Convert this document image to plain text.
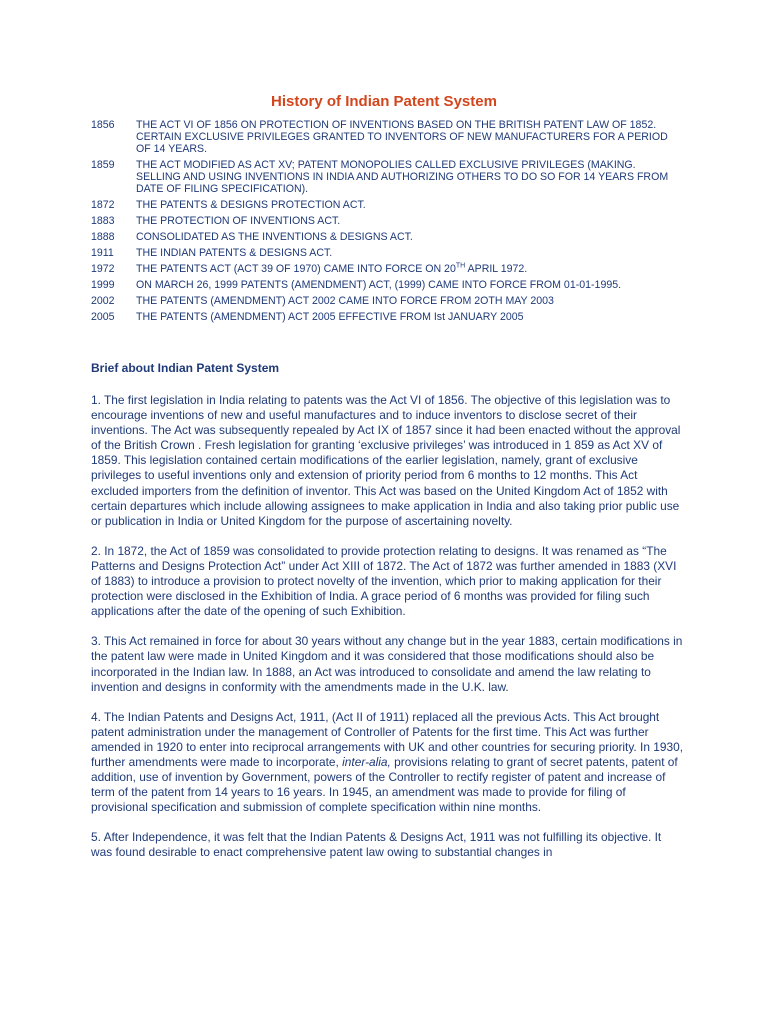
History of Indian Patent System
1856	THE ACT VI OF 1856 ON PROTECTION OF INVENTIONS BASED ON THE BRITISH PATENT LAW OF 1852. CERTAIN EXCLUSIVE PRIVILEGES GRANTED TO INVENTORS OF NEW MANUFACTURERS FOR A PERIOD OF 14 YEARS.
1859	THE ACT MODIFIED AS ACT XV; PATENT MONOPOLIES CALLED EXCLUSIVE PRIVILEGES (MAKING. SELLING AND USING INVENTIONS IN INDIA AND AUTHORIZING OTHERS TO DO SO FOR 14 YEARS FROM DATE OF FILING SPECIFICATION).
1872	THE PATENTS & DESIGNS PROTECTION ACT.
1883	THE PROTECTION OF INVENTIONS ACT.
1888	CONSOLIDATED AS THE INVENTIONS & DESIGNS ACT.
1911	THE INDIAN PATENTS & DESIGNS ACT.
1972	THE PATENTS ACT (ACT 39 OF 1970) CAME INTO FORCE ON 20TH APRIL 1972.
1999	ON MARCH 26, 1999 PATENTS (AMENDMENT) ACT, (1999) CAME INTO FORCE FROM 01-01-1995.
2002	THE PATENTS (AMENDMENT) ACT 2002 CAME INTO FORCE FROM 2OTH MAY 2003
2005	THE PATENTS (AMENDMENT) ACT 2005 EFFECTIVE FROM Ist JANUARY 2005
Brief about Indian Patent System

1. The first legislation in India relating to patents was the Act VI of 1856. The objective of this legislation was to encourage inventions of new and useful manufactures and to induce inventors to disclose secret of their inventions. The Act was subsequently repealed by Act IX of 1857 since it had been enacted without the approval of the British Crown . Fresh legislation for granting ‘exclusive privileges’ was introduced in 1 859 as Act XV of 1859. This legislation contained certain modifications of the earlier legislation, namely, grant of exclusive privileges to useful inventions only and extension of priority period from 6 months to 12 months. This Act excluded importers from the definition of inventor. This Act was based on the United Kingdom Act of 1852 with certain departures which include allowing assignees to make application in India and also taking prior public use or publication in India or United Kingdom for the purpose of ascertaining novelty.

2. In 1872, the Act of 1859 was consolidated to provide protection relating to designs. It was renamed as “The Patterns and Designs Protection Act” under Act XIII of 1872. The Act of 1872 was further amended in 1883 (XVI of 1883) to introduce a provision to protect novelty of the invention, which prior to making application for their protection were disclosed in the Exhibition of India. A grace period of 6 months was provided for filing such applications after the date of the opening of such Exhibition.

3. This Act remained in force for about 30 years without any change but in the year 1883, certain modifications in the patent law were made in United Kingdom and it was considered that those modifications should also be incorporated in the Indian law. In 1888, an Act was introduced to consolidate and amend the law relating to invention and designs in conformity with the amendments made in the U.K. law.

4. The Indian Patents and Designs Act, 1911, (Act II of 1911) replaced all the previous Acts. This Act brought patent administration under the management of Controller of Patents for the first time. This Act was further amended in 1920 to enter into reciprocal arrangements with UK and other countries for securing priority. In 1930, further amendments were made to incorporate, inter-alia, provisions relating to grant of secret patents, patent of addition, use of invention by Government, powers of the Controller to rectify register of patent and increase of term of the patent from 14 years to 16 years. In 1945, an amendment was made to provide for filing of provisional specification and submission of complete specification within nine months.

5. After Independence, it was felt that the Indian Patents & Designs Act, 1911 was not fulfilling its objective. It was found desirable to enact comprehensive patent law owing to substantial changes in
